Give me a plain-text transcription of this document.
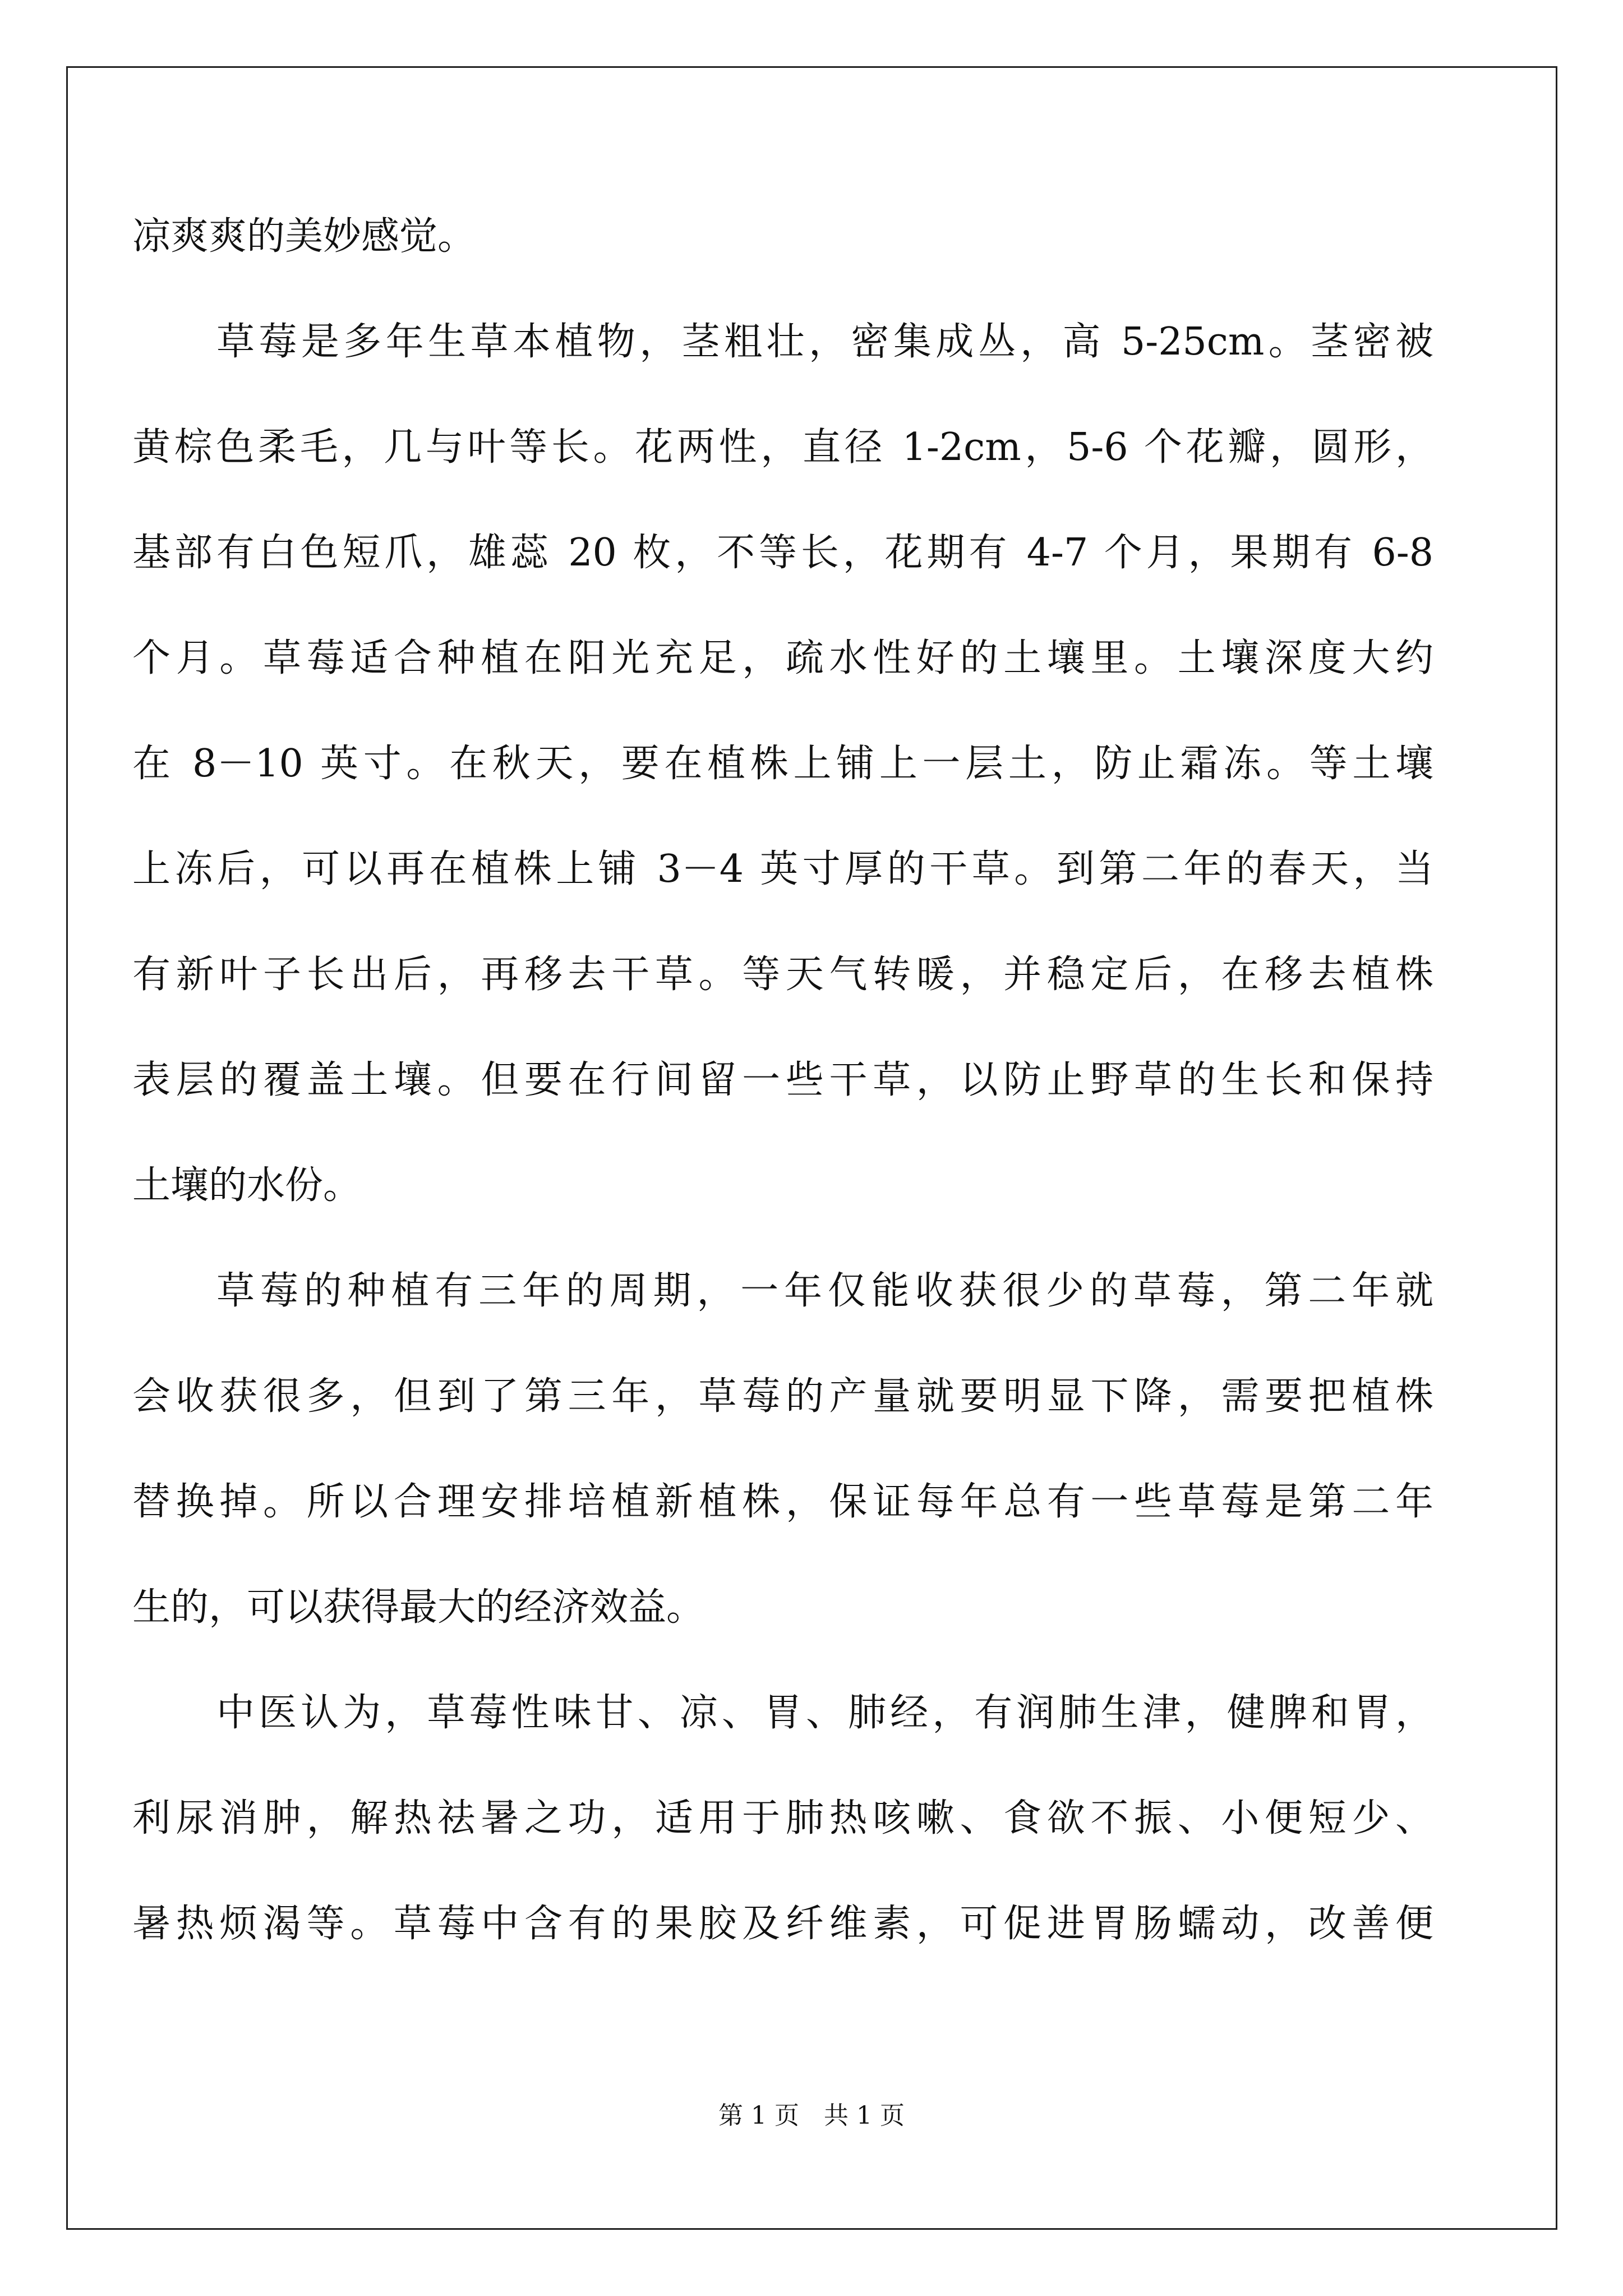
凉爽爽的美妙感觉。
草莓是多年生草本植物，茎粗壮，密集成丛，高 5-25cm。茎密被
黄棕色柔毛，几与叶等长。花两性，直径 1-2cm，5-6 个花瓣，圆形，
基部有白色短爪，雄蕊 20 枚，不等长，花期有 4-7 个月，果期有 6-8
个月。草莓适合种植在阳光充足，疏水性好的土壤里。土壤深度大约
在 8－10 英寸。在秋天，要在植株上铺上一层土，防止霜冻。等土壤
上冻后，可以再在植株上铺 3－4 英寸厚的干草。到第二年的春天，当
有新叶子长出后，再移去干草。等天气转暖，并稳定后，在移去植株
表层的覆盖土壤。但要在行间留一些干草，以防止野草的生长和保持
土壤的水份。
草莓的种植有三年的周期，一年仅能收获很少的草莓，第二年就
会收获很多，但到了第三年，草莓的产量就要明显下降，需要把植株
替换掉。所以合理安排培植新植株，保证每年总有一些草莓是第二年
生的，可以获得最大的经济效益。
中医认为，草莓性味甘、凉、胃、肺经，有润肺生津，健脾和胃，
利尿消肿，解热祛暑之功，适用于肺热咳嗽、食欲不振、小便短少、
暑热烦渴等。草莓中含有的果胶及纤维素，可促进胃肠蠕动，改善便
第 1 页　共 1 页
